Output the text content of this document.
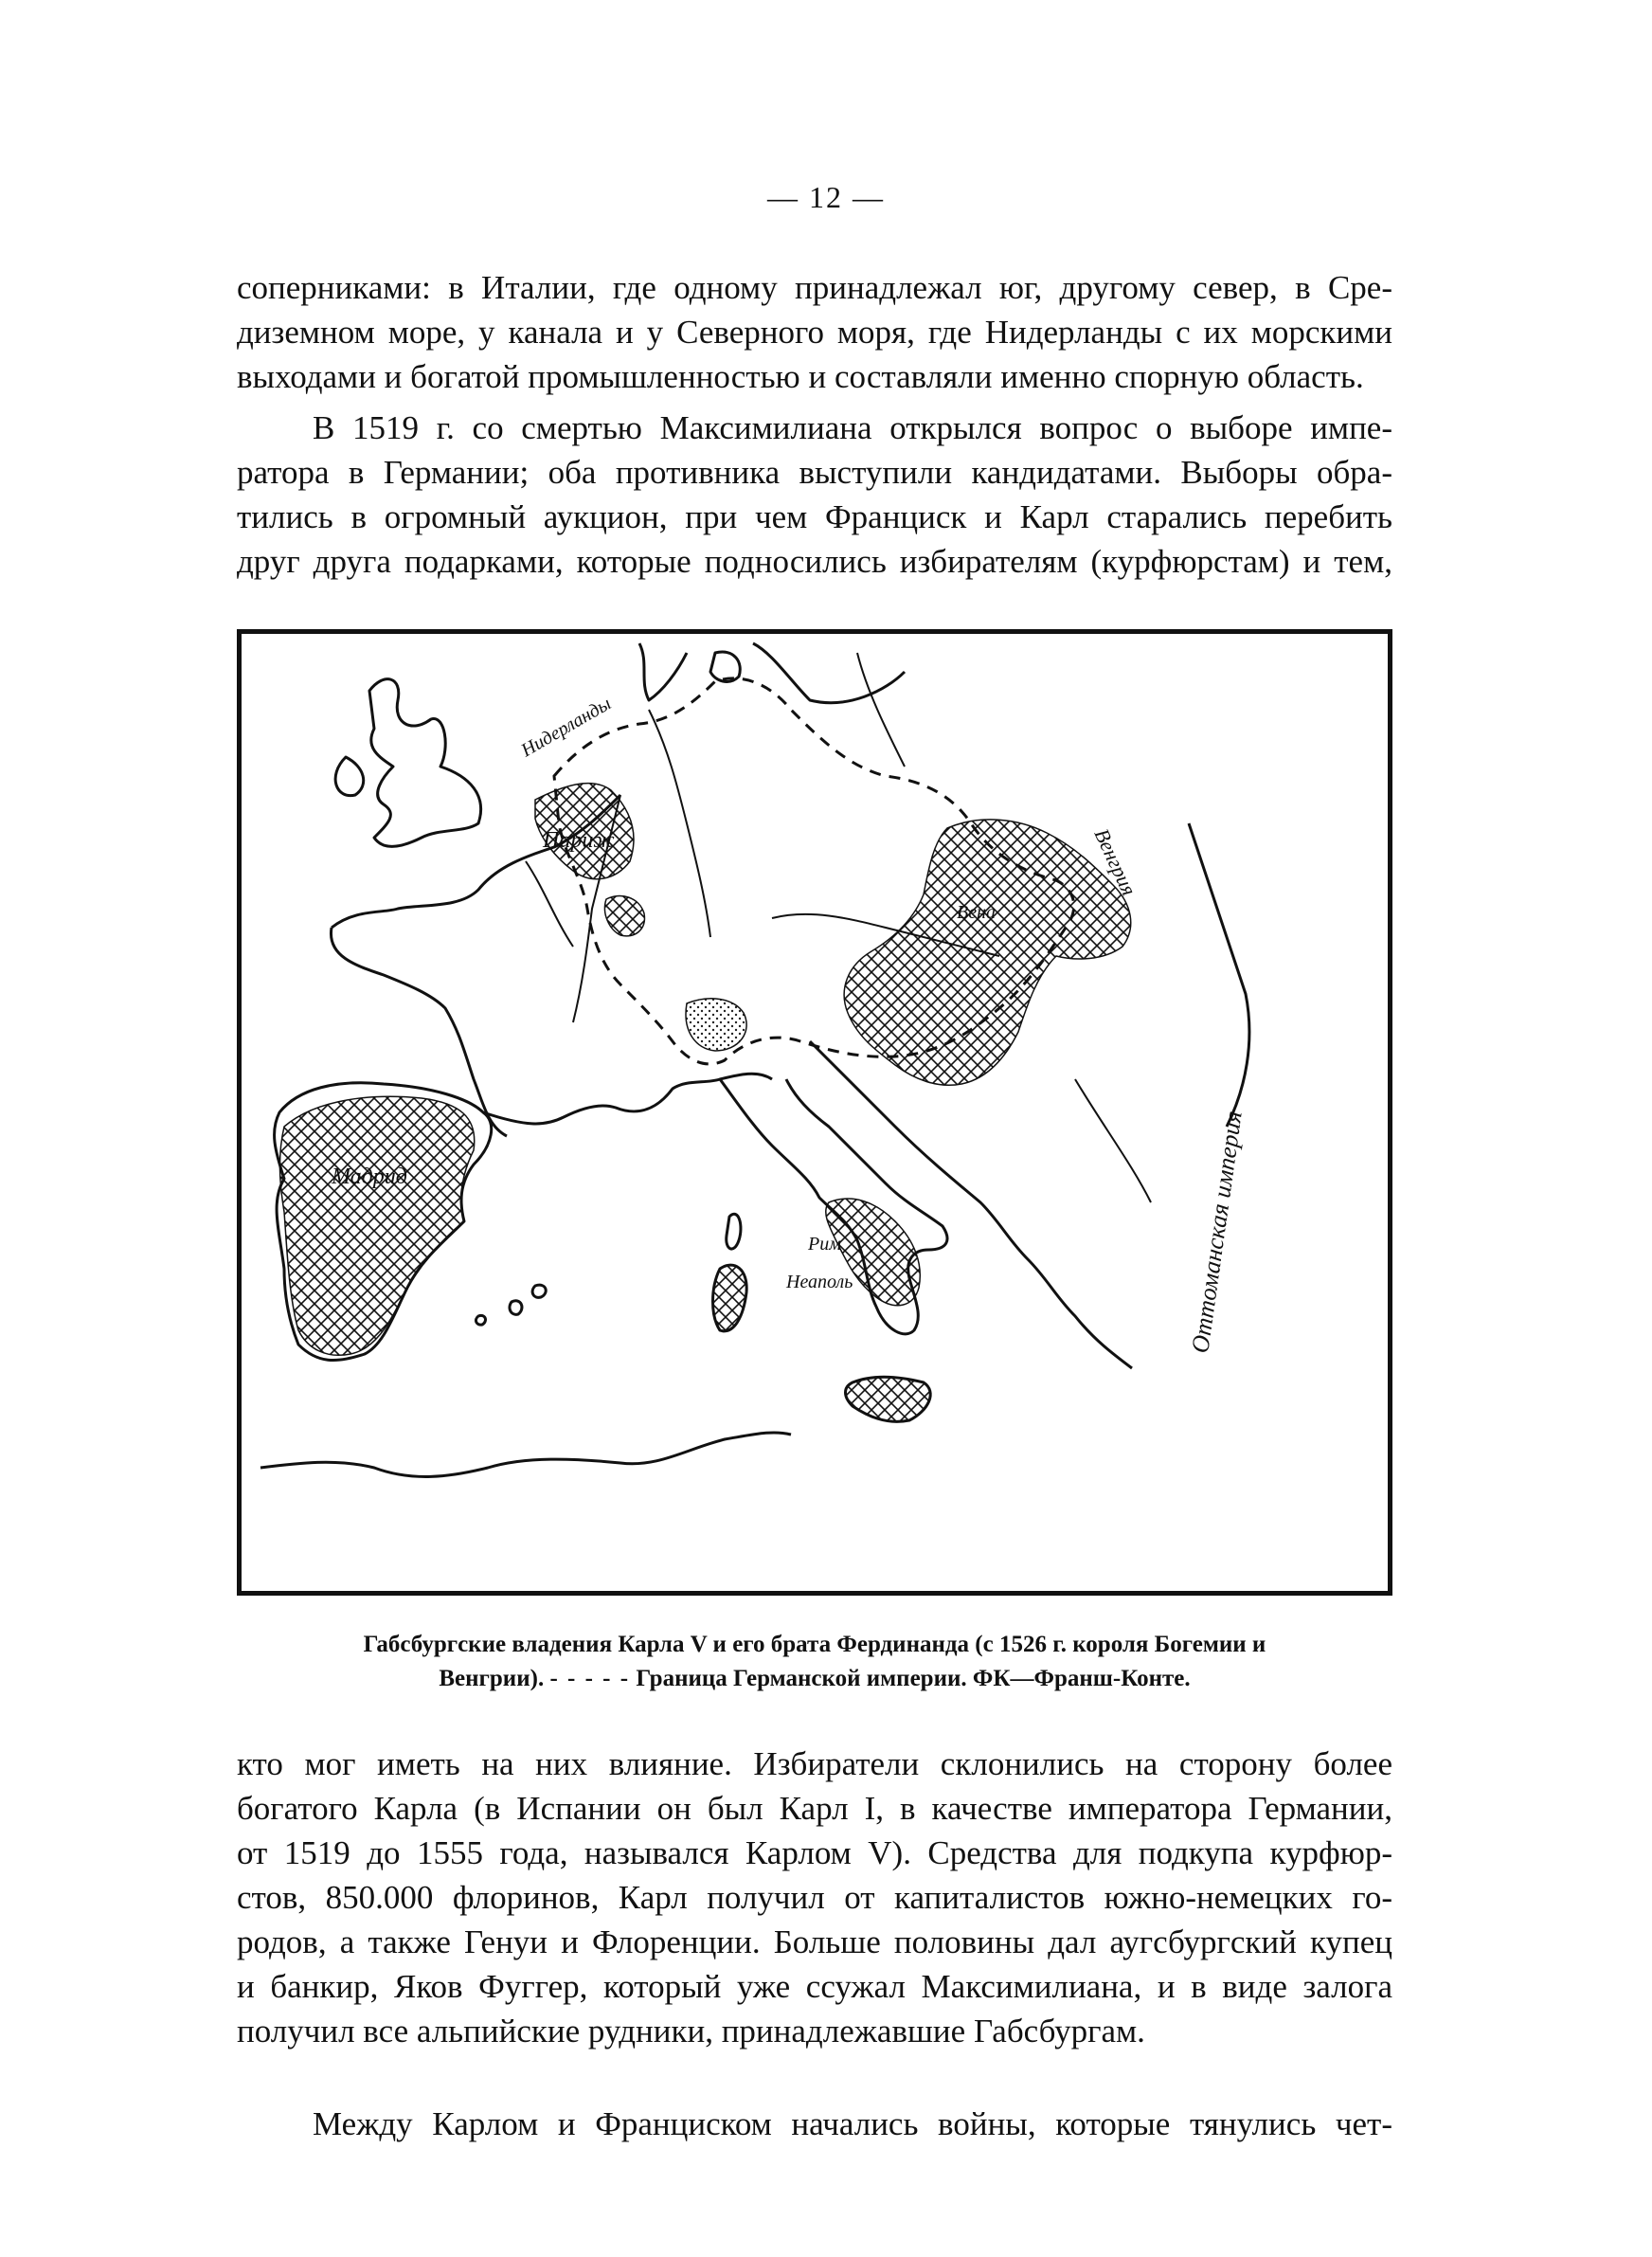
— 12 —
соперниками: в Италии, где одному принадлежал юг, другому север, в Сре-
диземном море, у канала и у Северного моря, где Нидерланды с их морскими
выходами и богатой промышленностью и составляли именно спорную область.
В 1519 г. со смертью Максимилиана открылся вопрос о выборе импе-
ратора в Германии; оба противника выступили кандидатами. Выборы обра-
тились в огромный аукцион, при чем Франциск и Карл старались перебить
друг друга подарками, которые подносились избирателям (курфюрстам) и тем,
Париж
Мадрид
Рим
Неаполь
Вена
Нидерланды
Венгрия
Оттоманская империя
Габсбургские владения Карла V и его брата Фердинанда (с 1526 г. короля Богемии и
Венгрии). - - - - - Граница Германской империи. ФК—Франш-Конте.
кто мог иметь на них влияние. Избиратели склонились на сторону более
богатого Карла (в Испании он был Карл I, в качестве императора Германии,
от 1519 до 1555 года, назывался Карлом V). Средства для подкупа курфюр-
стов, 850.000 флоринов, Карл получил от капиталистов южно-немецких го-
родов, а также Генуи и Флоренции. Больше половины дал аугсбургский купец
и банкир, Яков Фуггер, который уже ссужал Максимилиана, и в виде залога
получил все альпийские рудники, принадлежавшие Габсбургам.
Между Карлом и Франциском начались войны, которые тянулись чет-
